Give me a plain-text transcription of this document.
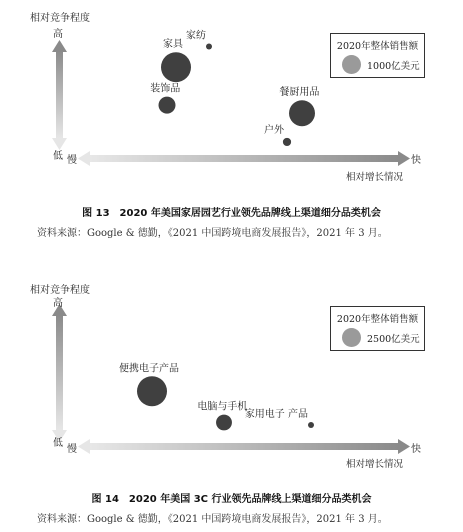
相对竞争程度
高
低 慢	快
相对增长情况
家具
家纺
装饰品	餐厨用品
户外
2020年整体销售额
1000亿美元
图 13　2020 年美国家居园艺行业领先品牌线上渠道细分品类机会
资料来源：Google & 德勤，《2021 中国跨境电商发展报告》，2021 年 3 月。
相对竞争程度
高
低
慢	快
相对增长情况
便携电子产品
电脑与手机
家用电子 产品
2020年整体销售额
2500亿美元
图 14　2020 年美国 3C 行业领先品牌线上渠道细分品类机会
资料来源：Google & 德勤，《2021 中国跨境电商发展报告》，2021 年 3 月。
